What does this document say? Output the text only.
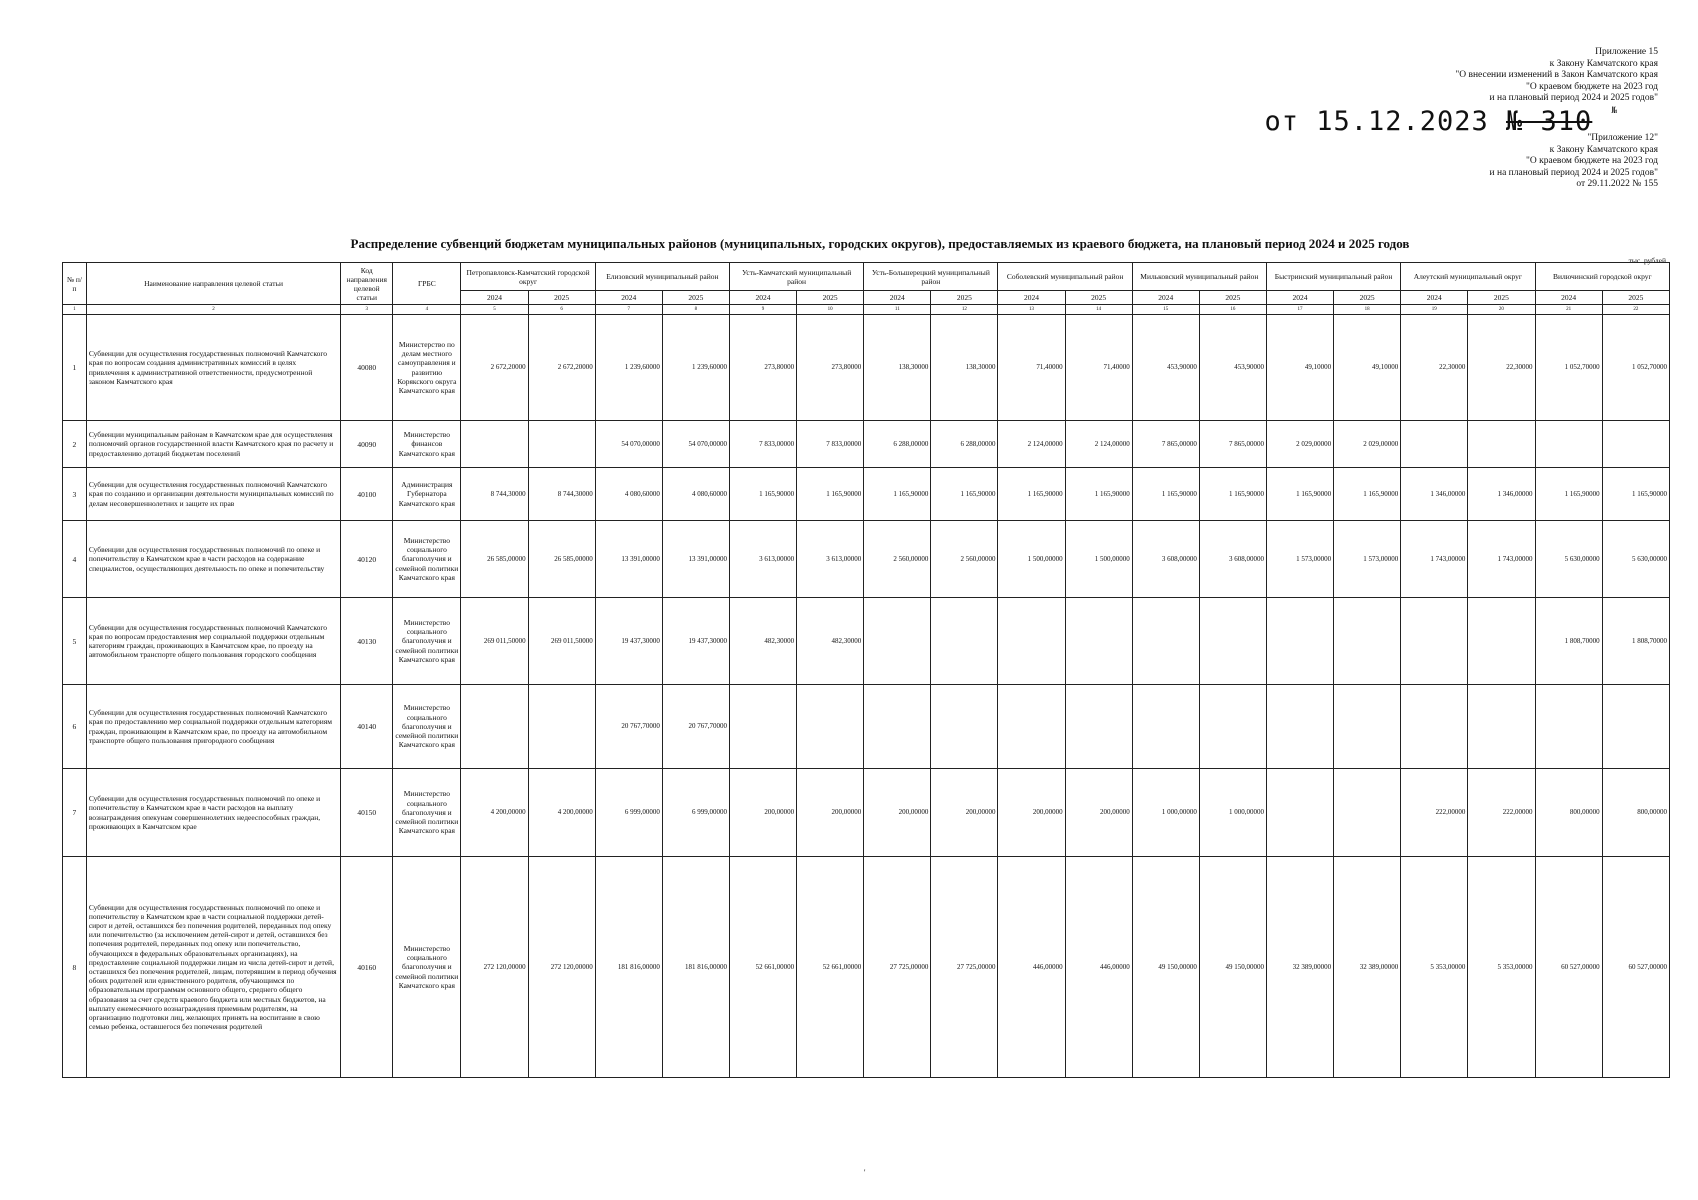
Приложение 15
к Закону Камчатского края
"О внесении изменений в Закон Камчатского края
"О краевом бюджете на 2023 год
и на плановый период 2024 и 2025 годов"
от 15.12.2023 № 310 №
"Приложение 12"
к Закону Камчатского края
"О краевом бюджете на 2023 год
и на плановый период 2024 и 2025 годов"
от 29.11.2022 № 155
Распределение субвенций бюджетам муниципальных районов (муниципальных, городских округов), предоставляемых из краевого бюджета, на плановый период 2024 и 2025 годов
тыс. рублей
№ п/п	Наименование направления целевой статьи	Код направления целевой статьи	ГРБС	Петропавловск-Камчатский городской округ		Елизовский муниципальный район		Усть-Камчатский муниципальный район		Усть-Большерецкий муниципальный район		Соболевский муниципальный район		Мильковский муниципальный район		Быстринский муниципальный район		Алеутский муниципальный округ		Вилючинский городской округ	
				2024	2025	2024	2025	2024	2025	2024	2025	2024	2025	2024	2025	2024	2025	2024	2025	2024	2025
1	2	3	4	5	6	7	8	9	10	11	12	13	14	15	16	17	18	19	20	21	22
1	Субвенции для осуществления государственных полномочий Камчатского края по вопросам создания административных комиссий в целях привлечения к административной ответственности, предусмотренной законом Камчатского края	40080	Министерство по делам местного самоуправления и развитию Корякского округа Камчатского края	2 672,20000	2 672,20000	1 239,60000	1 239,60000	273,80000	273,80000	138,30000	138,30000	71,40000	71,40000	453,90000	453,90000	49,10000	49,10000	22,30000	22,30000	1 052,70000	1 052,70000
2	Субвенции муниципальным районам в Камчатском крае для осуществления полномочий органов государственной власти Камчатского края по расчету и предоставлению дотаций бюджетам поселений	40090	Министерство финансов Камчатского края			54 070,00000	54 070,00000	7 833,00000	7 833,00000	6 288,00000	6 288,00000	2 124,00000	2 124,00000	7 865,00000	7 865,00000	2 029,00000	2 029,00000				
3	Субвенции для осуществления государственных полномочий Камчатского края по созданию и организации деятельности муниципальных комиссий по делам несовершеннолетних и защите их прав	40100	Администрация Губернатора Камчатского края	8 744,30000	8 744,30000	4 080,60000	4 080,60000	1 165,90000	1 165,90000	1 165,90000	1 165,90000	1 165,90000	1 165,90000	1 165,90000	1 165,90000	1 165,90000	1 165,90000	1 346,00000	1 346,00000	1 165,90000	1 165,90000
4	Субвенции для осуществления государственных полномочий по опеке и попечительству в Камчатском крае в части расходов на содержание специалистов, осуществляющих деятельность по опеке и попечительству	40120	Министерство социального благополучия и семейной политики Камчатского края	26 585,00000	26 585,00000	13 391,00000	13 391,00000	3 613,00000	3 613,00000	2 560,00000	2 560,00000	1 500,00000	1 500,00000	3 608,00000	3 608,00000	1 573,00000	1 573,00000	1 743,00000	1 743,00000	5 630,00000	5 630,00000
5	Субвенции для осуществления государственных полномочий Камчатского края по вопросам предоставления мер социальной поддержки отдельным категориям граждан, проживающих в Камчатском крае, по проезду на автомобильном транспорте общего пользования городского сообщения	40130	Министерство социального благополучия и семейной политики Камчатского края	269 011,50000	269 011,50000	19 437,30000	19 437,30000	482,30000	482,30000											1 808,70000	1 808,70000
6	Субвенции для осуществления государственных полномочий Камчатского края по предоставлению мер социальной поддержки отдельным категориям граждан, проживающим в Камчатском крае, по проезду на автомобильном транспорте общего пользования пригородного сообщения	40140	Министерство социального благополучия и семейной политики Камчатского края			20 767,70000	20 767,70000														
7	Субвенции для осуществления государственных полномочий по опеке и попечительству в Камчатском крае в части расходов на выплату вознаграждения опекунам совершеннолетних недееспособных граждан, проживающих в Камчатском крае	40150	Министерство социального благополучия и семейной политики Камчатского края	4 200,00000	4 200,00000	6 999,00000	6 999,00000	200,00000	200,00000	200,00000	200,00000	200,00000	200,00000	1 000,00000	1 000,00000			222,00000	222,00000	800,00000	800,00000
8	Субвенции для осуществления государственных полномочий по опеке и попечительству в Камчатском крае в части социальной поддержки детей-сирот и детей, оставшихся без попечения родителей, переданных под опеку или попечительство (за исключением детей-сирот и детей, оставшихся без попечения родителей, переданных под опеку или попечительство, обучающихся в федеральных образовательных организациях), на предоставление социальной поддержки лицам из числа детей-сирот и детей, оставшихся без попечения родителей, лицам, потерявшим в период обучения обоих родителей или единственного родителя, обучающимся по образовательным программам основного общего, среднего общего образования за счет средств краевого бюджета или местных бюджетов, на выплату ежемесячного вознаграждения приемным родителям, на организацию подготовки лиц, желающих принять на воспитание в свою семью ребенка, оставшегося без попечения родителей	40160	Министерство социального благополучия и семейной политики Камчатского края	272 120,00000	272 120,00000	181 816,00000	181 816,00000	52 661,00000	52 661,00000	27 725,00000	27 725,00000	446,00000	446,00000	49 150,00000	49 150,00000	32 389,00000	32 389,00000	5 353,00000	5 353,00000	60 527,00000	60 527,00000
'
